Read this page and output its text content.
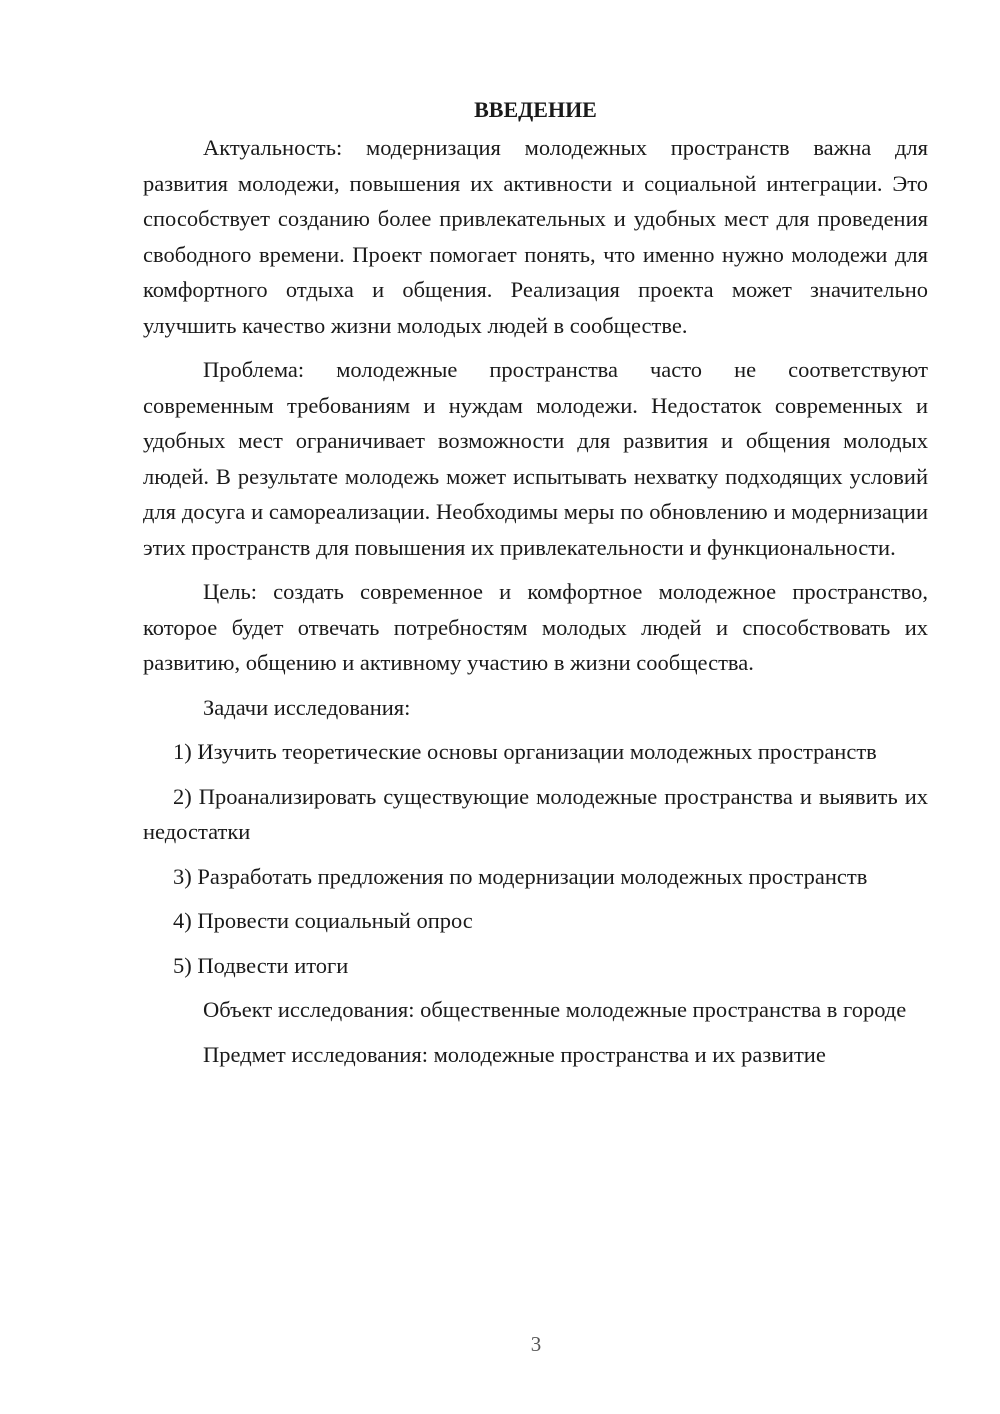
ВВЕДЕНИЕ

Актуальность: модернизация молодежных пространств важна для развития молодежи, повышения их активности и социальной интеграции. Это способствует созданию более привлекательных и удобных мест для проведения свободного времени. Проект помогает понять, что именно нужно молодежи для комфортного отдыха и общения. Реализация проекта может значительно улучшить качество жизни молодых людей в сообществе.

Проблема: молодежные пространства часто не соответствуют современным требованиям и нуждам молодежи. Недостаток современных и удобных мест ограничивает возможности для развития и общения молодых людей. В результате молодежь может испытывать нехватку подходящих условий для досуга и самореализации. Необходимы меры по обновлению и модернизации этих пространств для повышения их привлекательности и функциональности.

Цель: создать современное и комфортное молодежное пространство, которое будет отвечать потребностям молодых людей и способствовать их развитию, общению и активному участию в жизни сообщества.

Задачи исследования:

1) Изучить теоретические основы организации молодежных пространств

2) Проанализировать существующие молодежные пространства и выявить их недостатки

3) Разработать предложения по модернизации молодежных пространств

4) Провести социальный опрос

5) Подвести итоги

Объект исследования: общественные молодежные пространства в городе

Предмет исследования: молодежные пространства и их развитие

3
